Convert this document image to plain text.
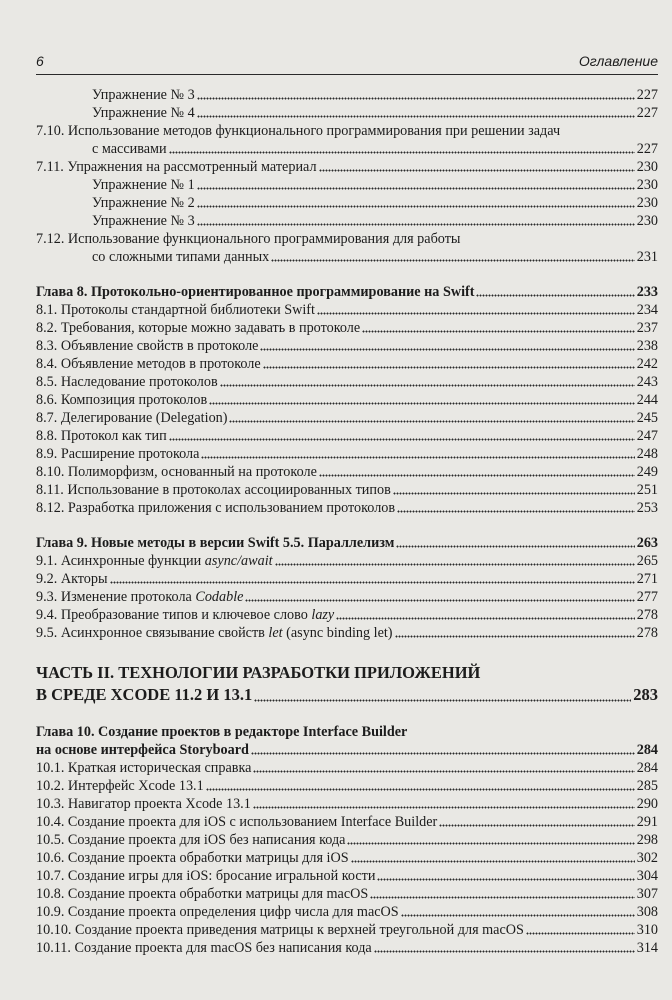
6	Оглавление
Упражнение № 3	227
Упражнение № 4	227
7.10. Использование методов функционального программирования при решении задач
с массивами	227
7.11. Упражнения на рассмотренный материал	230
Упражнение № 1	230
Упражнение № 2	230
Упражнение № 3	230
7.12. Использование функционального программирования для работы
со сложными типами данных	231
Глава 8. Протокольно-ориентированное программирование на Swift	233
8.1. Протоколы стандартной библиотеки Swift	234
8.2. Требования, которые можно задавать в протоколе	237
8.3. Объявление свойств в протоколе	238
8.4. Объявление методов в протоколе	242
8.5. Наследование протоколов	243
8.6. Композиция протоколов	244
8.7. Делегирование (Delegation)	245
8.8. Протокол как тип	247
8.9. Расширение протокола	248
8.10. Полиморфизм, основанный на протоколе	249
8.11. Использование в протоколах ассоциированных типов	251
8.12. Разработка приложения с использованием протоколов	253
Глава 9. Новые методы в версии Swift 5.5. Параллелизм	263
9.1. Асинхронные функции async/await	265
9.2. Акторы	271
9.3. Изменение протокола Codable	277
9.4. Преобразование типов и ключевое слово lazy	278
9.5. Асинхронное связывание свойств let (async binding let)	278
ЧАСТЬ II. ТЕХНОЛОГИИ РАЗРАБОТКИ ПРИЛОЖЕНИЙ
В СРЕДЕ XCODE 11.2 И 13.1	283
Глава 10. Создание проектов в редакторе Interface Builder
на основе интерфейса Storyboard	284
10.1. Краткая историческая справка	284
10.2. Интерфейс Xcode 13.1	285
10.3. Навигатор проекта Xcode 13.1	290
10.4. Создание проекта для iOS с использованием Interface Builder	291
10.5. Создание проекта для iOS без написания кода	298
10.6. Создание проекта обработки матрицы для iOS	302
10.7. Создание игры для iOS: бросание игральной кости	304
10.8. Создание проекта обработки матрицы для macOS	307
10.9. Создание проекта определения цифр числа для macOS	308
10.10. Создание проекта приведения матрицы к верхней треугольной для macOS	310
10.11. Создание проекта для macOS без написания кода	314
